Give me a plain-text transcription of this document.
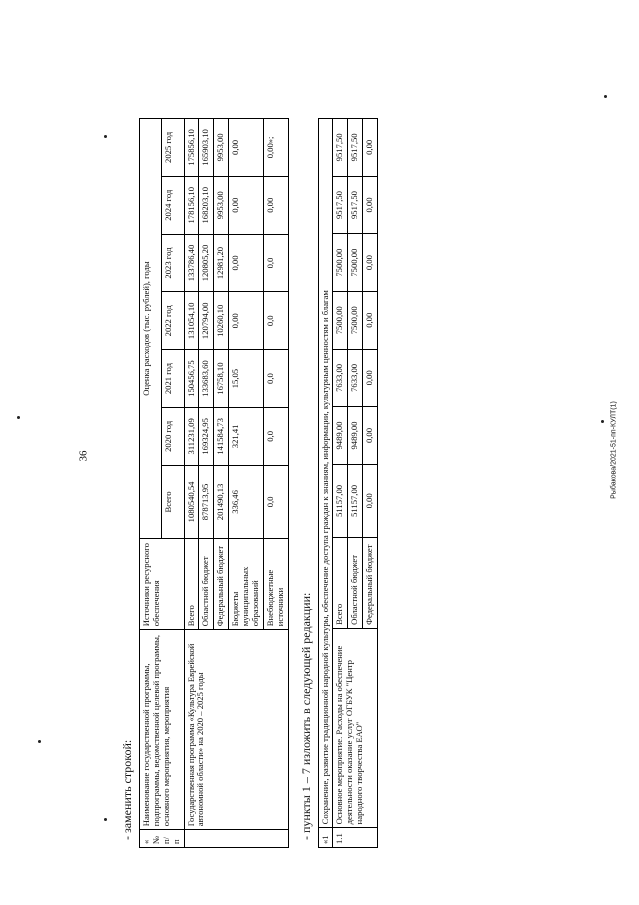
36	Рыбакова/2021-51-пп-КУЛТ(1)
- заменить строкой:
«
№ п/п	Наименование государственной программы, подпрограммы, ведомственной целевой программы, основного мероприятия, мероприятия	Источники ресурсного обеспечения	Оценка расходов (тыс. рублей), годы						
			Всего	2020 год	2021 год	2022 год	2023 год	2024 год	2025 год
	Государственная программа «Культура Еврейской автономной области» на 2020 – 2025 годы	Всего	1080540,54	311231,09	150456,75	131054,10	133786,40	178156,10	175856,10
		Областной бюджет	878713,95	169324,95	133683,60	120794,00	120805,20	168203,10	165903,10
		Федеральный бюджет	201490,13	141584,73	16758,10	10260,10	12981,20	9953,00	9953,00
		Бюджеты муниципальных образований	336,46	321,41	15,05	0,00	0,00	0,00	0,00
		Внебюджетные источники	0,0	0,0	0,0	0,0	0,0	0,00	0,00»;
- пункты 1 – 7 изложить в следующей редакции: «1	Сохранение, развитие традиционной народной культуры, обеспечение доступа граждан к знаниям, информации, культурным ценностям и благам								
1.1	Основное мероприятие. Расходы на обеспечение деятельности оказание услуг ОГБУК "Центр народного творчества ЕАО"	Всего	51157,00	9489,00	7633,00	7500,00	7500,00	9517,50	9517,50
		Областной бюджет	51157,00	9489,00	7633,00	7500,00	7500,00	9517,50	9517,50
		Федеральный бюджет	0,00	0,00	0,00	0,00	0,00	0,00	0,00
